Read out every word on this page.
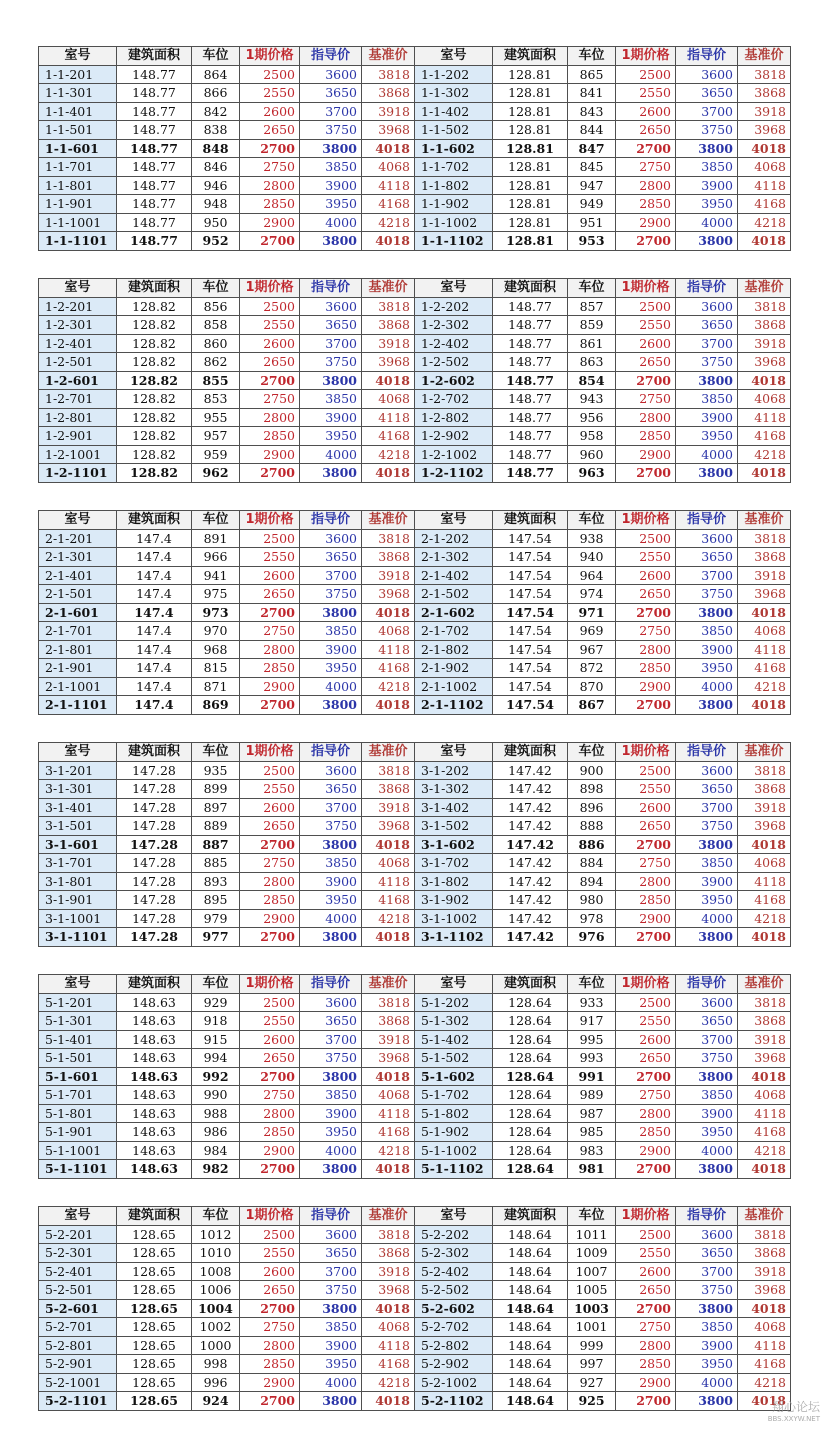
室号	建筑面积	车位	1期价格	指导价	基准价	室号	建筑面积	车位	1期价格	指导价	基准价
1-1-201	148.77	864	2500	3600	3818	1-1-202	128.81	865	2500	3600	3818
1-1-301	148.77	866	2550	3650	3868	1-1-302	128.81	841	2550	3650	3868
1-1-401	148.77	842	2600	3700	3918	1-1-402	128.81	843	2600	3700	3918
1-1-501	148.77	838	2650	3750	3968	1-1-502	128.81	844	2650	3750	3968
1-1-601	148.77	848	2700	3800	4018	1-1-602	128.81	847	2700	3800	4018
1-1-701	148.77	846	2750	3850	4068	1-1-702	128.81	845	2750	3850	4068
1-1-801	148.77	946	2800	3900	4118	1-1-802	128.81	947	2800	3900	4118
1-1-901	148.77	948	2850	3950	4168	1-1-902	128.81	949	2850	3950	4168
1-1-1001	148.77	950	2900	4000	4218	1-1-1002	128.81	951	2900	4000	4218
1-1-1101	148.77	952	2700	3800	4018	1-1-1102	128.81	953	2700	3800	4018
室号	建筑面积	车位	1期价格	指导价	基准价	室号	建筑面积	车位	1期价格	指导价	基准价
1-2-201	128.82	856	2500	3600	3818	1-2-202	148.77	857	2500	3600	3818
1-2-301	128.82	858	2550	3650	3868	1-2-302	148.77	859	2550	3650	3868
1-2-401	128.82	860	2600	3700	3918	1-2-402	148.77	861	2600	3700	3918
1-2-501	128.82	862	2650	3750	3968	1-2-502	148.77	863	2650	3750	3968
1-2-601	128.82	855	2700	3800	4018	1-2-602	148.77	854	2700	3800	4018
1-2-701	128.82	853	2750	3850	4068	1-2-702	148.77	943	2750	3850	4068
1-2-801	128.82	955	2800	3900	4118	1-2-802	148.77	956	2800	3900	4118
1-2-901	128.82	957	2850	3950	4168	1-2-902	148.77	958	2850	3950	4168
1-2-1001	128.82	959	2900	4000	4218	1-2-1002	148.77	960	2900	4000	4218
1-2-1101	128.82	962	2700	3800	4018	1-2-1102	148.77	963	2700	3800	4018
室号	建筑面积	车位	1期价格	指导价	基准价	室号	建筑面积	车位	1期价格	指导价	基准价
2-1-201	147.4	891	2500	3600	3818	2-1-202	147.54	938	2500	3600	3818
2-1-301	147.4	966	2550	3650	3868	2-1-302	147.54	940	2550	3650	3868
2-1-401	147.4	941	2600	3700	3918	2-1-402	147.54	964	2600	3700	3918
2-1-501	147.4	975	2650	3750	3968	2-1-502	147.54	974	2650	3750	3968
2-1-601	147.4	973	2700	3800	4018	2-1-602	147.54	971	2700	3800	4018
2-1-701	147.4	970	2750	3850	4068	2-1-702	147.54	969	2750	3850	4068
2-1-801	147.4	968	2800	3900	4118	2-1-802	147.54	967	2800	3900	4118
2-1-901	147.4	815	2850	3950	4168	2-1-902	147.54	872	2850	3950	4168
2-1-1001	147.4	871	2900	4000	4218	2-1-1002	147.54	870	2900	4000	4218
2-1-1101	147.4	869	2700	3800	4018	2-1-1102	147.54	867	2700	3800	4018
室号	建筑面积	车位	1期价格	指导价	基准价	室号	建筑面积	车位	1期价格	指导价	基准价
3-1-201	147.28	935	2500	3600	3818	3-1-202	147.42	900	2500	3600	3818
3-1-301	147.28	899	2550	3650	3868	3-1-302	147.42	898	2550	3650	3868
3-1-401	147.28	897	2600	3700	3918	3-1-402	147.42	896	2600	3700	3918
3-1-501	147.28	889	2650	3750	3968	3-1-502	147.42	888	2650	3750	3968
3-1-601	147.28	887	2700	3800	4018	3-1-602	147.42	886	2700	3800	4018
3-1-701	147.28	885	2750	3850	4068	3-1-702	147.42	884	2750	3850	4068
3-1-801	147.28	893	2800	3900	4118	3-1-802	147.42	894	2800	3900	4118
3-1-901	147.28	895	2850	3950	4168	3-1-902	147.42	980	2850	3950	4168
3-1-1001	147.28	979	2900	4000	4218	3-1-1002	147.42	978	2900	4000	4218
3-1-1101	147.28	977	2700	3800	4018	3-1-1102	147.42	976	2700	3800	4018
室号	建筑面积	车位	1期价格	指导价	基准价	室号	建筑面积	车位	1期价格	指导价	基准价
5-1-201	148.63	929	2500	3600	3818	5-1-202	128.64	933	2500	3600	3818
5-1-301	148.63	918	2550	3650	3868	5-1-302	128.64	917	2550	3650	3868
5-1-401	148.63	915	2600	3700	3918	5-1-402	128.64	995	2600	3700	3918
5-1-501	148.63	994	2650	3750	3968	5-1-502	128.64	993	2650	3750	3968
5-1-601	148.63	992	2700	3800	4018	5-1-602	128.64	991	2700	3800	4018
5-1-701	148.63	990	2750	3850	4068	5-1-702	128.64	989	2750	3850	4068
5-1-801	148.63	988	2800	3900	4118	5-1-802	128.64	987	2800	3900	4118
5-1-901	148.63	986	2850	3950	4168	5-1-902	128.64	985	2850	3950	4168
5-1-1001	148.63	984	2900	4000	4218	5-1-1002	128.64	983	2900	4000	4218
5-1-1101	148.63	982	2700	3800	4018	5-1-1102	128.64	981	2700	3800	4018
室号	建筑面积	车位	1期价格	指导价	基准价	室号	建筑面积	车位	1期价格	指导价	基准价
5-2-201	128.65	1012	2500	3600	3818	5-2-202	148.64	1011	2500	3600	3818
5-2-301	128.65	1010	2550	3650	3868	5-2-302	148.64	1009	2550	3650	3868
5-2-401	128.65	1008	2600	3700	3918	5-2-402	148.64	1007	2600	3700	3918
5-2-501	128.65	1006	2650	3750	3968	5-2-502	148.64	1005	2650	3750	3968
5-2-601	128.65	1004	2700	3800	4018	5-2-602	148.64	1003	2700	3800	4018
5-2-701	128.65	1002	2750	3850	4068	5-2-702	148.64	1001	2750	3850	4068
5-2-801	128.65	1000	2800	3900	4118	5-2-802	148.64	999	2800	3900	4118
5-2-901	128.65	998	2850	3950	4168	5-2-902	148.64	997	2850	3950	4168
5-2-1001	128.65	996	2900	4000	4218	5-2-1002	148.64	927	2900	4000	4218
5-2-1101	128.65	924	2700	3800	4018	5-2-1102	148.64	925	2700	3800	4018
翔心论坛
BBS.XXYW.NET
